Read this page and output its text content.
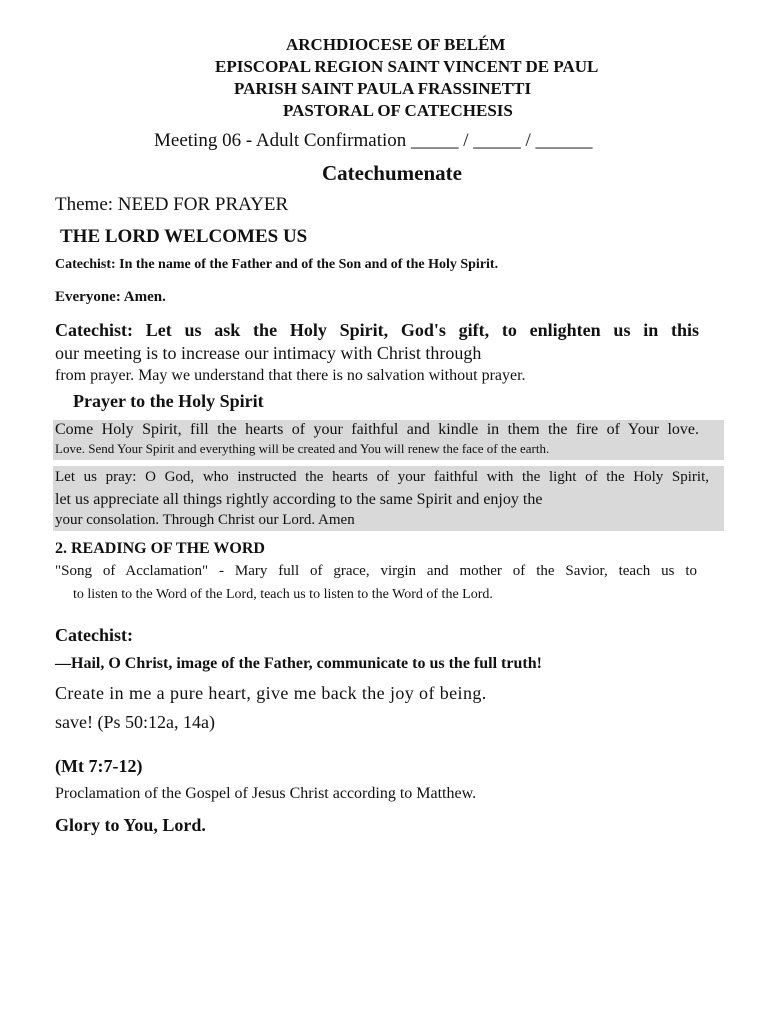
ARCHDIOCESE OF BELÉM

EPISCOPAL REGION SAINT VINCENT DE PAUL

PARISH SAINT PAULA FRASSINETTI

PASTORAL OF CATECHESIS

Meeting 06 - Adult Confirmation _____ / _____ / ______

Catechumenate

Theme: NEED FOR PRAYER

THE LORD WELCOMES US

Catechist: In the name of the Father and of the Son and of the Holy Spirit.

Everyone: Amen.

Catechist: Let us ask the Holy Spirit, God's gift, to enlighten us in this

our meeting is to increase our intimacy with Christ through

from prayer. May we understand that there is no salvation without prayer.

Prayer to the Holy Spirit

Come Holy Spirit, fill the hearts of your faithful and kindle in them the fire of Your love.

Love. Send Your Spirit and everything will be created and You will renew the face of the earth.

Let us pray: O God, who instructed the hearts of your faithful with the light of the Holy Spirit,

let us appreciate all things rightly according to the same Spirit and enjoy the

your consolation. Through Christ our Lord. Amen

2. READING OF THE WORD

"Song of Acclamation" - Mary full of grace, virgin and mother of the Savior, teach us to

to listen to the Word of the Lord, teach us to listen to the Word of the Lord.

Catechist:

—Hail, O Christ, image of the Father, communicate to us the full truth!

Create in me a pure heart, give me back the joy of being.

save! (Ps 50:12a, 14a)

(Mt 7:7-12)

Proclamation of the Gospel of Jesus Christ according to Matthew.

Glory to You, Lord.
